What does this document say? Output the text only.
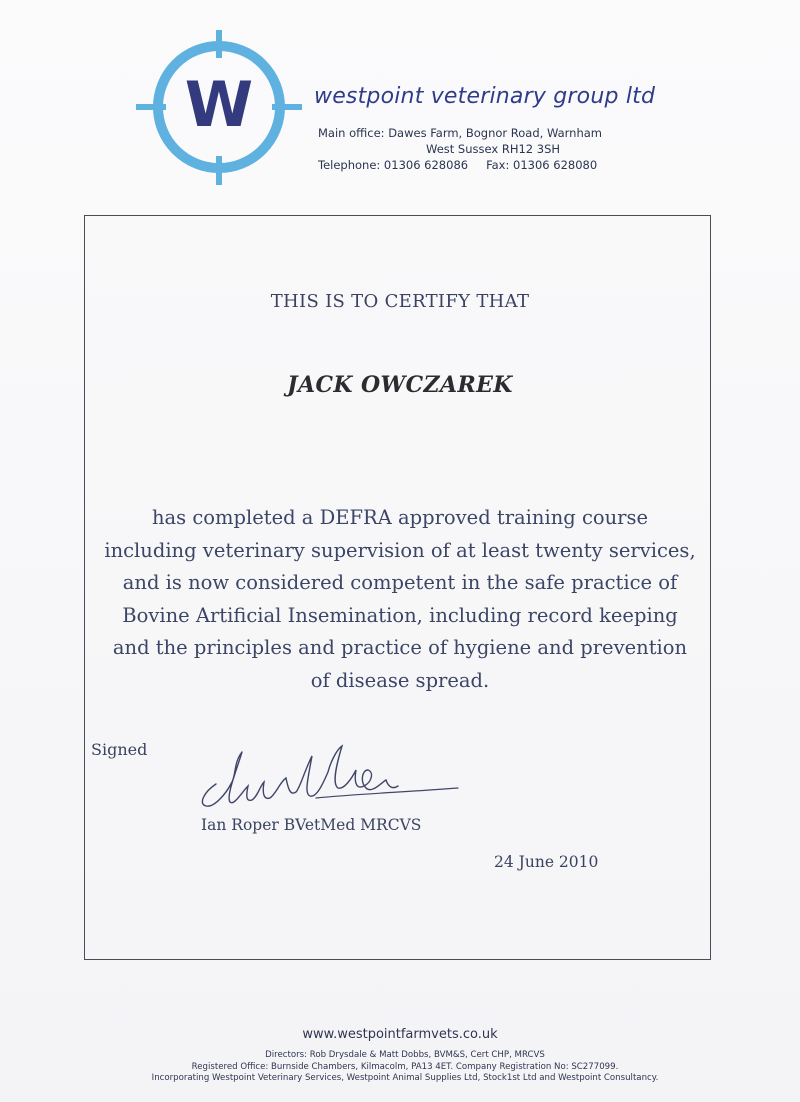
W	westpoint veterinary group ltd
Main office: Dawes Farm, Bognor Road, Warnham
West Sussex RH12 3SH
Telephone: 01306 628086 Fax: 01306 628080
THIS IS TO CERTIFY THAT
JACK OWCZAREK
has completed a DEFRA approved training course
including veterinary supervision of at least twenty services,
and is now considered competent in the safe practice of
Bovine Artificial Insemination, including record keeping
and the principles and practice of hygiene and prevention
of disease spread.
Signed
Ian Roper BVetMed MRCVS
24 June 2010
www.westpointfarmvets.co.uk
Directors: Rob Drysdale & Matt Dobbs, BVM&S, Cert CHP, MRCVS
Registered Office: Burnside Chambers, Kilmacolm, PA13 4ET. Company Registration No: SC277099.
Incorporating Westpoint Veterinary Services, Westpoint Animal Supplies Ltd, Stock1st Ltd and Westpoint Consultancy.
